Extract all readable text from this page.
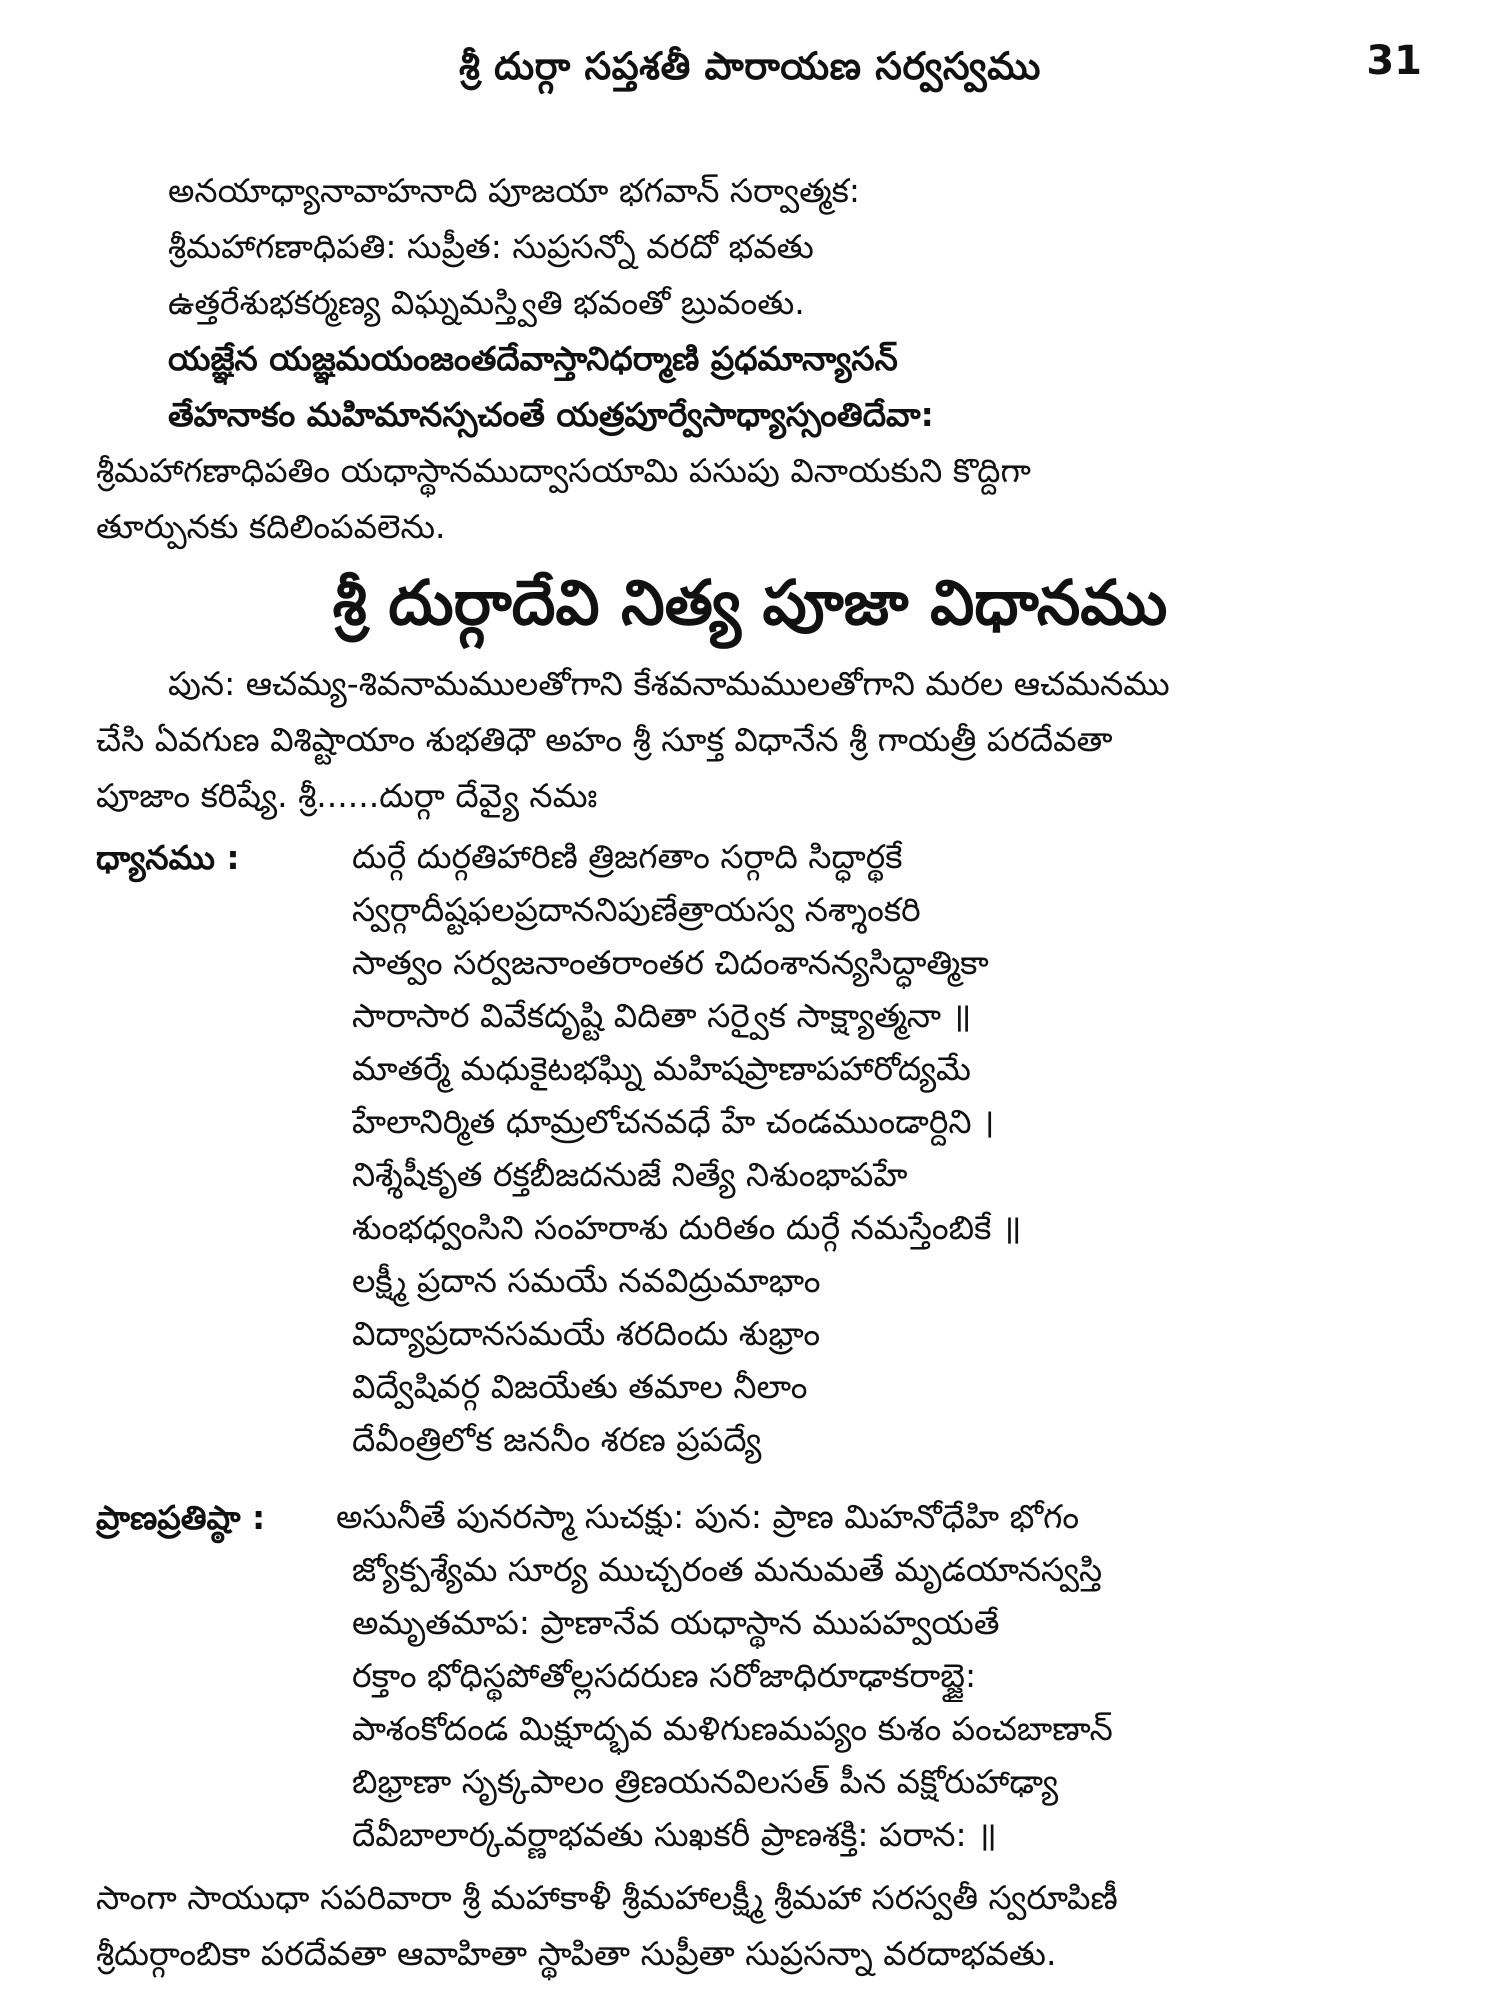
శ్రీ దుర్గా సప్తశతీ పారాయణ సర్వస్వము	31
అనయాధ్యానావాహనాది పూజయా భగవాన్ సర్వాత్మక:
శ్రీమహాగణాధిపతి: సుప్రీత: సుప్రసన్నో వరదో భవతు
ఉత్తరేశుభకర్మణ్య విఘ్నమస్త్వితి భవంతో బ్రువంతు.
యజ్ఞేన యజ్ఞమయంజంతదేవాస్తానిధర్మాణి ప్రధమాన్యాసన్
తేహనాకం మహిమానస్సచంతే యత్రపూర్వేసాధ్యాస్సంతిదేవా:
శ్రీమహాగణాధిపతిం యధాస్థానముద్వాసయామి పసుపు వినాయకుని కొద్దిగా
తూర్పునకు కదిలింపవలెను.
శ్రీ దుర్గాదేవి నిత్య పూజా విధానము
పున: ఆచమ్య-శివనామములతోగాని కేశవనామములతోగాని మరల ఆచమనము
చేసి ఏవగుణ విశిష్టాయాం శుభతిధౌ అహం శ్రీ సూక్త విధానేన శ్రీ గాయత్రీ పరదేవతా
పూజాం కరిష్యే. శ్రీ......దుర్గా దేవ్యై నమః
ధ్యానము :	దుర్గే దుర్గతిహారిణి త్రిజగతాం సర్గాది సిద్ధార్థకే
స్వర్గాదీష్టఫలప్రదాననిపుణేత్రాయస్వ నశ్శాంకరి
సాత్వం సర్వజనాంతరాంతర చిదంశానన్యసిద్ధాత్మికా
సారాసార వివేకదృష్టి విదితా సర్వైక సాక్ష్యాత్మనా ॥
మాతర్మే మధుకైటభఘ్ని మహిషప్రాణాపహారోద్యమే
హేలానిర్మిత ధూమ్రలోచనవధే హే చండముండార్దిని ।
నిశ్శేషీకృత రక్తబీజదనుజే నిత్యే నిశుంభాపహే
శుంభధ్వంసిని సంహరాశు దురితం దుర్గే నమస్తేంబికే ॥
లక్ష్మీ ప్రదాన సమయే నవవిద్రుమాభాం
విద్యాప్రదానసమయే శరదిందు శుభ్రాం
విద్వేషివర్గ విజయేతు తమాల నీలాం
దేవీంత్రిలోక జననీం శరణ ప్రపద్యే
ప్రాణప్రతిష్ఠా : అసునీతే పునరస్మా సుచక్షు: పున: ప్రాణ మిహనోధేహి భోగం
జ్యోక్పశ్యేమ సూర్య ముచ్చరంత మనుమతే మృడయానస్వస్తి
అమృతమాప: ప్రాణానేవ యధాస్థాన ముపహ్వయతే
రక్తాం భోధిస్థపోతోల్లసదరుణ సరోజాధిరూఢాకరాబ్జై:
పాశంకోదండ మిక్షూద్భవ మళిగుణమప్యం కుశం పంచబాణాన్
బిభ్రాణా సృక్కపాలం త్రిణయనవిలసత్ పీన వక్షోరుహాఢ్యా
దేవీబాలార్కవర్ణాభవతు సుఖకరీ ప్రాణశక్తి: పరాన: ॥
సాంగా సాయుధా సపరివారా శ్రీ మహాకాళీ శ్రీమహాలక్ష్మీ శ్రీమహా సరస్వతీ స్వరూపిణీ
శ్రీదుర్గాంబికా పరదేవతా ఆవాహితా స్థాపితా సుప్రీతా సుప్రసన్నా వరదాభవతు.
